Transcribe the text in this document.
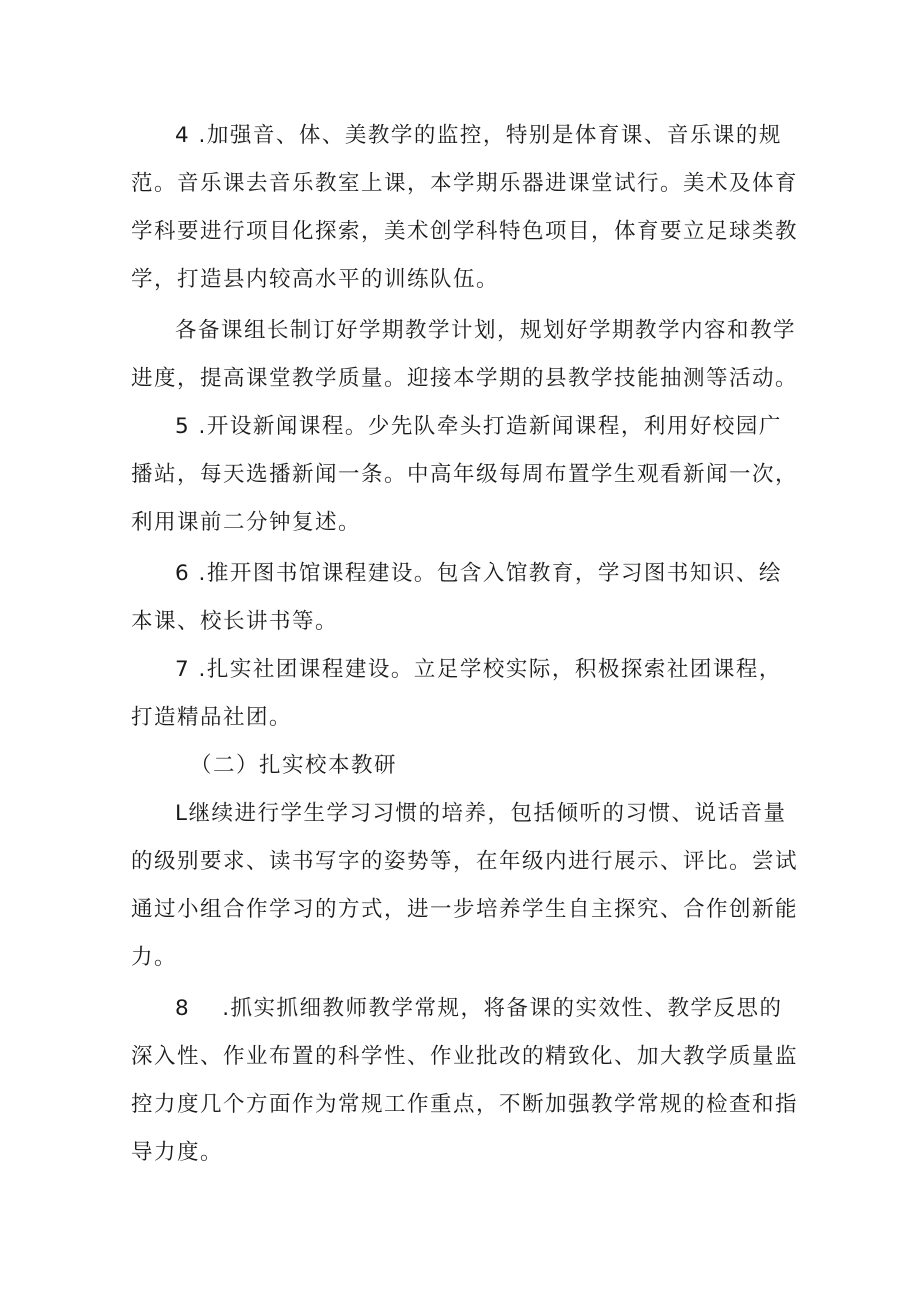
4 .加强音、体、美教学的监控，特别是体育课、音乐课的规
范。音乐课去音乐教室上课，本学期乐器进课堂试行。美术及体育
学科要进行项目化探索，美术创学科特色项目，体育要立足球类教
学，打造县内较高水平的训练队伍。
各备课组长制订好学期教学计划，规划好学期教学内容和教学
进度，提高课堂教学质量。迎接本学期的县教学技能抽测等活动。
5 .开设新闻课程。少先队牵头打造新闻课程，利用好校园广
播站，每天选播新闻一条。中高年级每周布置学生观看新闻一次，
利用课前二分钟复述。
6 .推开图书馆课程建设。包含入馆教育，学习图书知识、绘
本课、校长讲书等。
7 .扎实社团课程建设。立足学校实际，积极探索社团课程，
打造精品社团。
（二）扎实校本教研
L继续进行学生学习习惯的培养，包括倾听的习惯、说话音量
的级别要求、读书写字的姿势等，在年级内进行展示、评比。尝试
通过小组合作学习的方式，进一步培养学生自主探究、合作创新能
力。
8 .抓实抓细教师教学常规，将备课的实效性、教学反思的
深入性、作业布置的科学性、作业批改的精致化、加大教学质量监
控力度几个方面作为常规工作重点，不断加强教学常规的检查和指
导力度。
